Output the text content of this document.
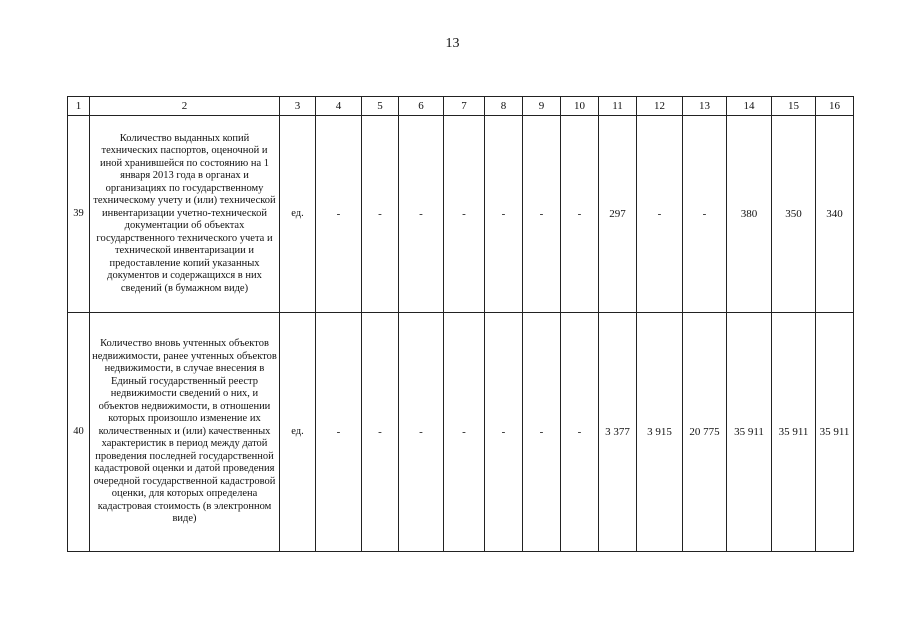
13
1	2	3	4	5	6	7	8	9	10	11	12	13	14	15	16
39	Количество выданных копий технических паспортов, оценочной и иной хранившейся по состоянию на 1 января 2013 года в органах и организациях по государственному техническому учету и (или) технической инвентаризации учетно-технической документации об объектах государственного технического учета и технической инвентаризации и предоставление копий указанных документов и содержащихся в них сведений (в бумажном виде)	ед.	-	-	-	-	-	-	-	297	-	-	380	350	340
40	Количество вновь учтенных объектов недвижимости, ранее учтенных объектов недвижимости, в случае внесения в Единый государственный реестр недвижимости сведений о них, и объектов недвижимости, в отношении которых произошло изменение их количественных и (или) качественных характеристик в период между датой проведения последней государственной кадастровой оценки и датой проведения очередной государственной кадастровой оценки, для которых определена кадастровая стоимость (в электронном виде)	ед.	-	-	-	-	-	-	-	3 377	3 915	20 775	35 911	35 911	35 911
